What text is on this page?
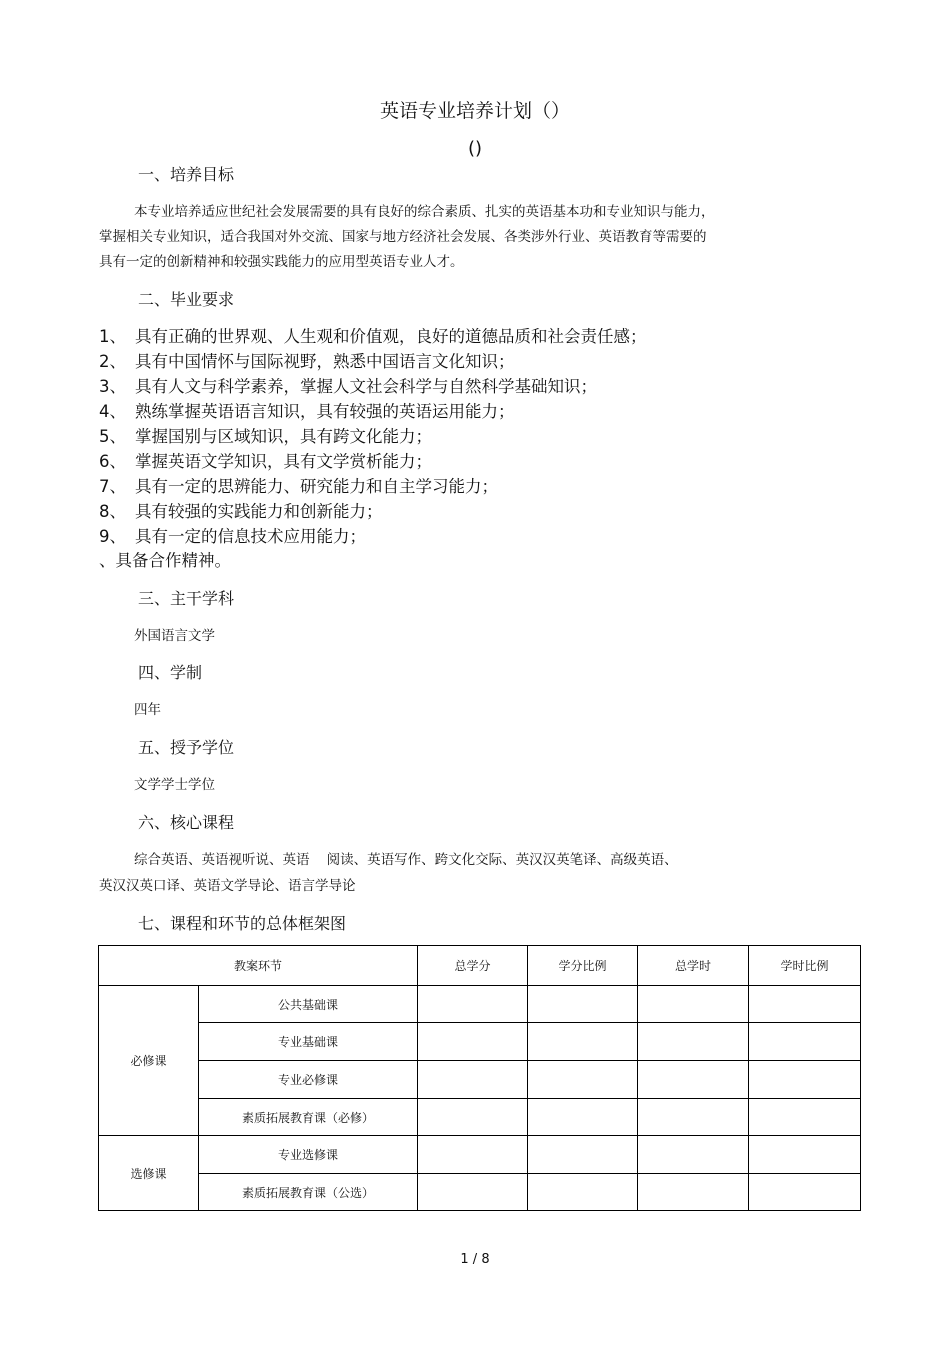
英语专业培养计划（）
()
一、培养目标
本专业培养适应世纪社会发展需要的具有良好的综合素质、扎实的英语基本功和专业知识与能力，
掌握相关专业知识，适合我国对外交流、国家与地方经济社会发展、各类涉外行业、英语教育等需要的
具有一定的创新精神和较强实践能力的应用型英语专业人才。
二、毕业要求
1、 具有正确的世界观、人生观和价值观，良好的道德品质和社会责任感；
2、 具有中国情怀与国际视野，熟悉中国语言文化知识；
3、 具有人文与科学素养，掌握人文社会科学与自然科学基础知识；
4、 熟练掌握英语语言知识，具有较强的英语运用能力；
5、 掌握国别与区域知识，具有跨文化能力；
6、 掌握英语文学知识，具有文学赏析能力；
7、 具有一定的思辨能力、研究能力和自主学习能力；
8、 具有较强的实践能力和创新能力；
9、 具有一定的信息技术应用能力；
、具备合作精神。
三、主干学科
外国语言文学
四、学制
四年
五、授予学位
文学学士学位
六、核心课程
综合英语、英语视听说、英语    阅读、英语写作、跨文化交际、英汉汉英笔译、高级英语、
英汉汉英口译、英语文学导论、语言学导论
七、课程和环节的总体框架图
教案环节		总学分	学分比例	总学时	学时比例
必修课	公共基础课				
	专业基础课				
	专业必修课				
	素质拓展教育课（必修）				
选修课	专业选修课				
	素质拓展教育课（公选）				
1 / 8
